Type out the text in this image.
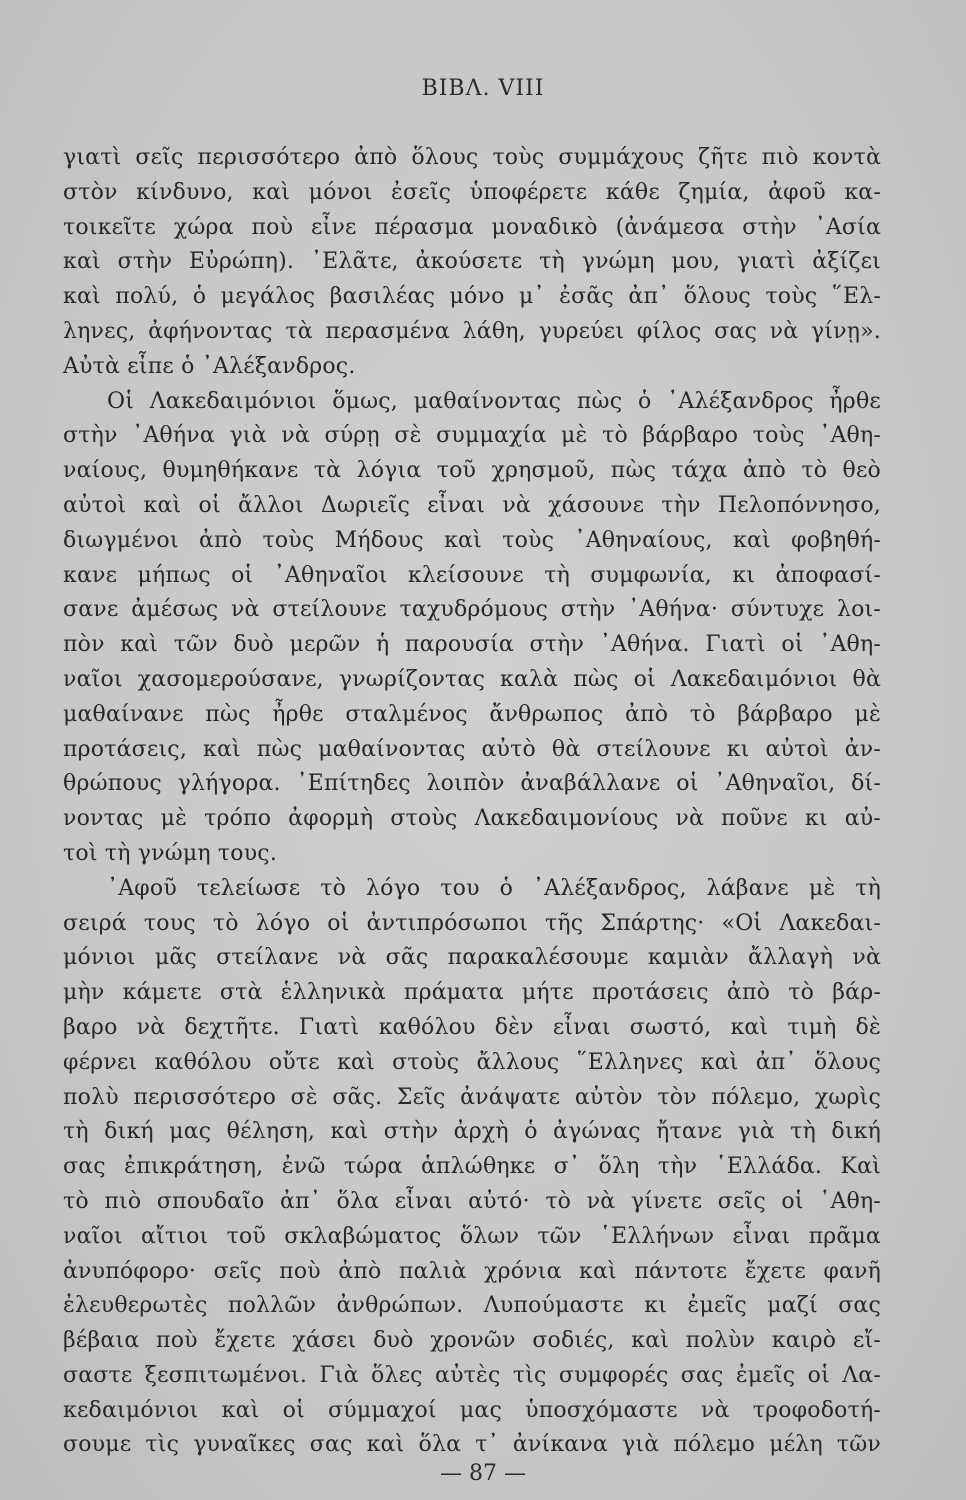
ΒΙΒΛ. VIII
γιατὶ σεῖς περισσότερο ἀπὸ ὅλους τοὺς συμμάχους ζῆτε πιὸ κοντὰ
στὸν κίνδυνο, καὶ μόνοι ἐσεῖς ὑποφέρετε κάθε ζημία, ἀφοῦ κα-
τοικεῖτε χώρα ποὺ εἶνε πέρασμα μοναδικὸ (ἀνάμεσα στὴν ᾿Ασία
καὶ στὴν Εὐρώπη). ᾿Ελᾶτε, ἀκούσετε τὴ γνώμη μου, γιατὶ ἀξίζει
καὶ πολύ, ὁ μεγάλος βασιλέας μόνο μ᾿ ἐσᾶς ἀπ᾿ ὅλους τοὺς ῞Ελ-
ληνες, ἀφήνοντας τὰ περασμένα λάθη, γυρεύει φίλος σας νὰ γίνῃ».
Αὐτὰ εἶπε ὁ ᾿Αλέξανδρος.
Οἱ Λακεδαιμόνιοι ὅμως, μαθαίνοντας πὼς ὁ ᾿Αλέξανδρος ἦρθε
στὴν ᾿Αθήνα γιὰ νὰ σύρῃ σὲ συμμαχία μὲ τὸ βάρβαρο τοὺς ᾿Αθη-
ναίους, θυμηθήκανε τὰ λόγια τοῦ χρησμοῦ, πὼς τάχα ἀπὸ τὸ θεὸ
αὐτοὶ καὶ οἱ ἄλλοι Δωριεῖς εἶναι νὰ χάσουνε τὴν Πελοπόννησο,
διωγμένοι ἀπὸ τοὺς Μήδους καὶ τοὺς ᾿Αθηναίους, καὶ φοβηθή-
κανε μήπως οἱ ᾿Αθηναῖοι κλείσουνε τὴ συμφωνία, κι ἀποφασί-
σανε ἀμέσως νὰ στείλουνε ταχυδρόμους στὴν ᾿Αθήνα· σύντυχε λοι-
πὸν καὶ τῶν δυὸ μερῶν ἡ παρουσία στὴν ᾿Αθήνα. Γιατὶ οἱ ᾿Αθη-
ναῖοι χασομερούσανε, γνωρίζοντας καλὰ πὼς οἱ Λακεδαιμόνιοι θὰ
μαθαίνανε πὼς ἦρθε σταλμένος ἄνθρωπος ἀπὸ τὸ βάρβαρο μὲ
προτάσεις, καὶ πὼς μαθαίνοντας αὐτὸ θὰ στείλουνε κι αὐτοὶ ἀν-
θρώπους γλήγορα. ᾿Επίτηδες λοιπὸν ἀναβάλλανε οἱ ᾿Αθηναῖοι, δί-
νοντας μὲ τρόπο ἀφορμὴ στοὺς Λακεδαιμονίους νὰ ποῦνε κι αὐ-
τοὶ τὴ γνώμη τους.
᾿Αφοῦ τελείωσε τὸ λόγο του ὁ ᾿Αλέξανδρος, λάβανε μὲ τὴ
σειρά τους τὸ λόγο οἱ ἀντιπρόσωποι τῆς Σπάρτης· «Οἱ Λακεδαι-
μόνιοι μᾶς στείλανε νὰ σᾶς παρακαλέσουμε καμιὰν ἄλλαγὴ νὰ
μὴν κάμετε στὰ ἑλληνικὰ πράματα μήτε προτάσεις ἀπὸ τὸ βάρ-
βαρο νὰ δεχτῆτε. Γιατὶ καθόλου δὲν εἶναι σωστό, καὶ τιμὴ δὲ
φέρνει καθόλου οὔτε καὶ στοὺς ἄλλους ῞Ελληνες καὶ ἀπ᾿ ὅλους
πολὺ περισσότερο σὲ σᾶς. Σεῖς ἀνάψατε αὐτὸν τὸν πόλεμο, χωρὶς
τὴ δική μας θέληση, καὶ στὴν ἀρχὴ ὁ ἀγώνας ἤτανε γιὰ τὴ δική
σας ἐπικράτηση, ἐνῶ τώρα ἁπλώθηκε σ᾿ ὅλη τὴν ῾Ελλάδα. Καὶ
τὸ πιὸ σπουδαῖο ἀπ᾿ ὅλα εἶναι αὐτό· τὸ νὰ γίνετε σεῖς οἱ ᾿Αθη-
ναῖοι αἴτιοι τοῦ σκλαβώματος ὅλων τῶν ῾Ελλήνων εἶναι πρᾶμα
ἀνυπόφορο· σεῖς ποὺ ἀπὸ παλιὰ χρόνια καὶ πάντοτε ἔχετε φανῆ
ἐλευθερωτὲς πολλῶν ἀνθρώπων. Λυπούμαστε κι ἐμεῖς μαζί σας
βέβαια ποὺ ἔχετε χάσει δυὸ χρονῶν σοδιές, καὶ πολὺν καιρὸ εἴ-
σαστε ξεσπιτωμένοι. Γιὰ ὅλες αὐτὲς τὶς συμφορές σας ἐμεῖς οἱ Λα-
κεδαιμόνιοι καὶ οἱ σύμμαχοί μας ὑποσχόμαστε νὰ τροφοδοτή-
σουμε τὶς γυναῖκες σας καὶ ὅλα τ᾿ ἀνίκανα γιὰ πόλεμο μέλη τῶν
— 87 —
